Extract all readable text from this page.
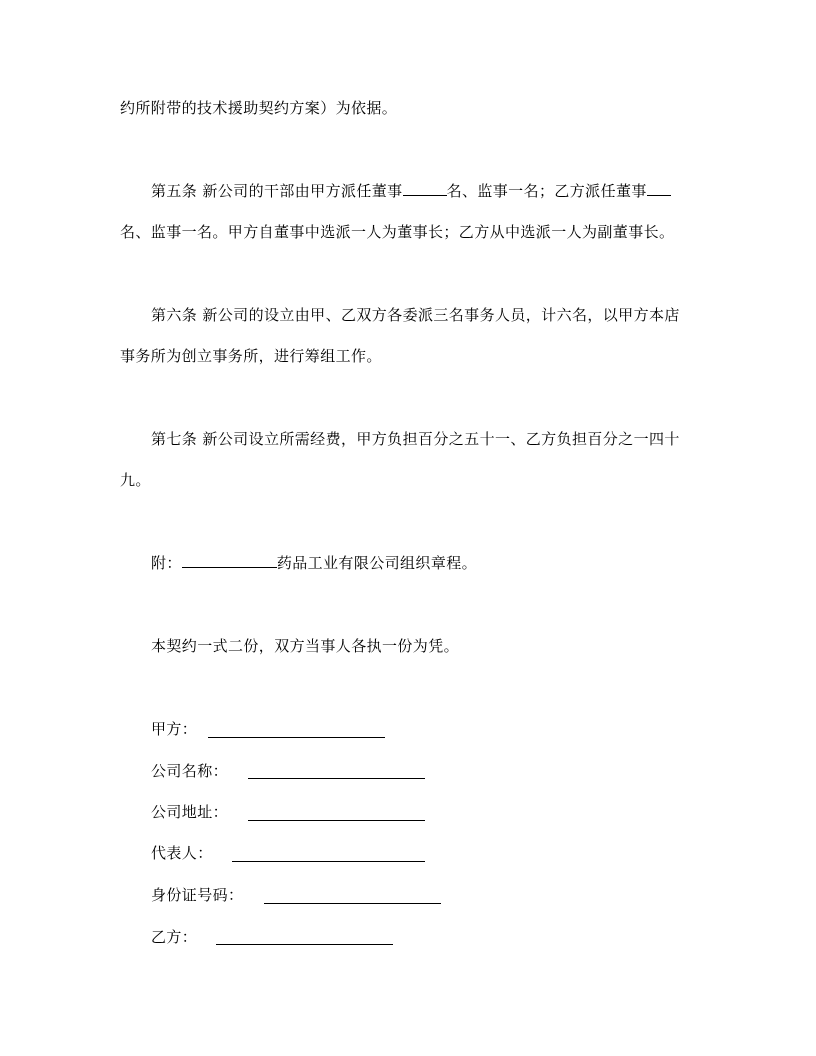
约所附带的技术援助契约方案）为依据。
第五条 新公司的干部由甲方派任董事	名、监事一名；乙方派任董事
名、监事一名。甲方自董事中选派一人为董事长；乙方从中选派一人为副董事长。
第六条 新公司的设立由甲、乙双方各委派三名事务人员，计六名，以甲方本店
事务所为创立事务所，进行筹组工作。
第七条 新公司设立所需经费，甲方负担百分之五十一、乙方负担百分之一四十
九。
附：	药品工业有限公司组织章程。
本契约一式二份，双方当事人各执一份为凭。
甲方：
公司名称：
公司地址：
代表人：
身份证号码：
乙方：
